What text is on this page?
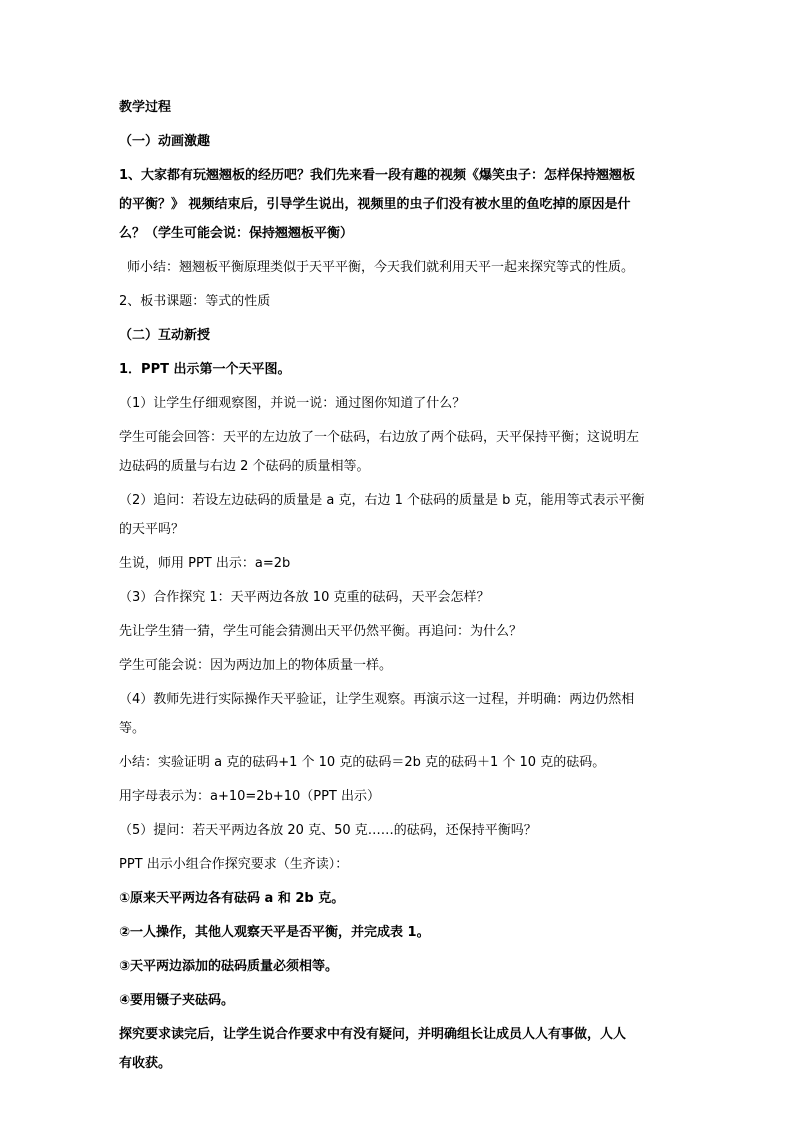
教学过程

（一）动画激趣

1、大家都有玩翘翘板的经历吧？我们先来看一段有趣的视频《爆笑虫子：怎样保持翘翘板

的平衡？》 视频结束后，引导学生说出，视频里的虫子们没有被水里的鱼吃掉的原因是什

么？（学生可能会说：保持翘翘板平衡）

师小结：翘翘板平衡原理类似于天平平衡，今天我们就利用天平一起来探究等式的性质。

2、板书课题：等式的性质

（二）互动新授

1．PPT 出示第一个天平图。

（1）让学生仔细观察图，并说一说：通过图你知道了什么？

学生可能会回答：天平的左边放了一个砝码，右边放了两个砝码，天平保持平衡；这说明左

边砝码的质量与右边 2 个砝码的质量相等。

（2）追问：若设左边砝码的质量是 a 克，右边 1 个砝码的质量是 b 克，能用等式表示平衡

的天平吗？

生说，师用 PPT 出示：a=2b

（3）合作探究 1：天平两边各放 10 克重的砝码，天平会怎样？

先让学生猜一猜，学生可能会猜测出天平仍然平衡。再追问：为什么？

学生可能会说：因为两边加上的物体质量一样。

（4）教师先进行实际操作天平验证，让学生观察。再演示这一过程，并明确：两边仍然相

等。

小结：实验证明 a 克的砝码+1 个 10 克的砝码＝2b 克的砝码＋1 个 10 克的砝码。

用字母表示为：a+10=2b+10（PPT 出示）

（5）提问：若天平两边各放 20 克、50 克……的砝码，还保持平衡吗？

PPT 出示小组合作探究要求（生齐读）：

①原来天平两边各有砝码 a 和 2b 克。

②一人操作，其他人观察天平是否平衡，并完成表 1。

③天平两边添加的砝码质量必须相等。

④要用镊子夹砝码。

探究要求读完后，让学生说合作要求中有没有疑问，并明确组长让成员人人有事做，人人

有收获。
